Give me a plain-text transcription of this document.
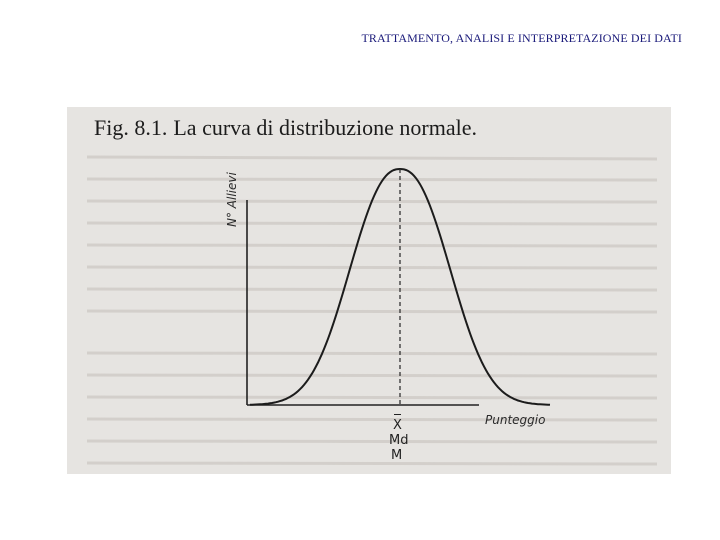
TRATTAMENTO, ANALISI E INTERPRETAZIONE DEI DATI
Fig. 8.1. La curva di distribuzione normale.
N° Allievi
Punteggio
X
Md
M
